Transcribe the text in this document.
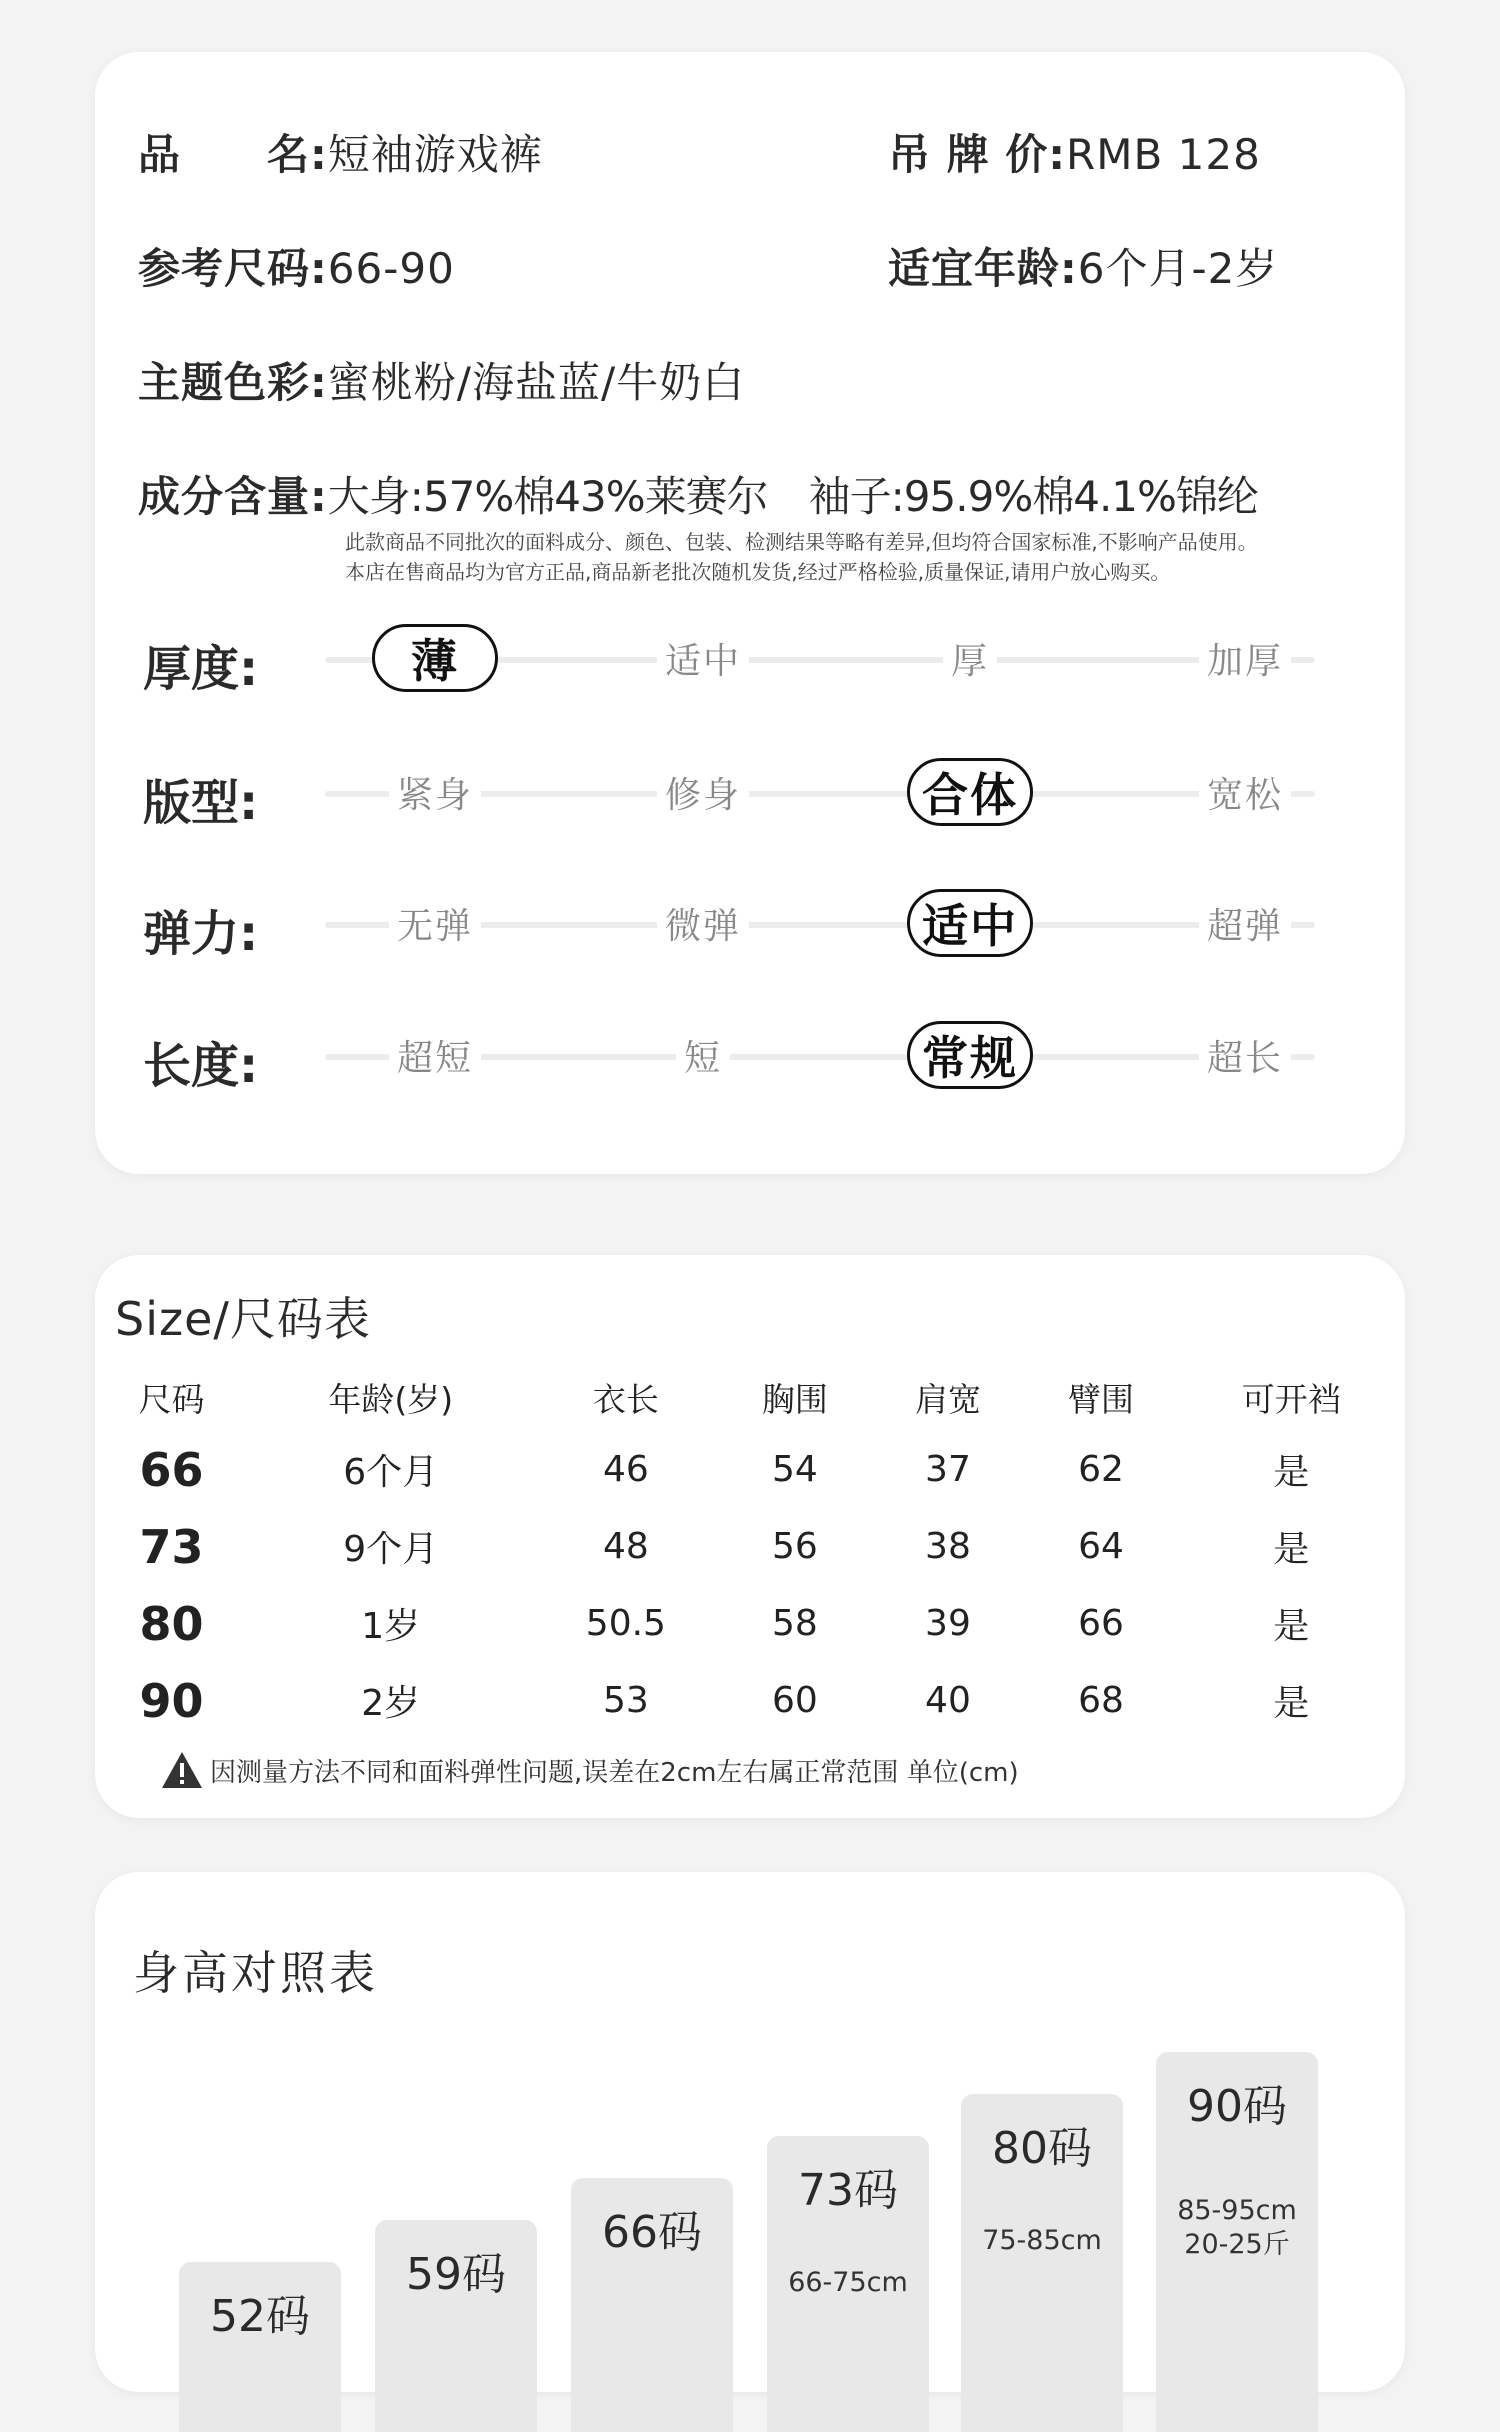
品　　名:短袖游戏裤	吊 牌 价:RMB 128
参考尺码:66-90	适宜年龄:6个月-2岁
主题色彩:蜜桃粉/海盐蓝/牛奶白
成分含量:大身:57%棉43%莱赛尔　袖子:95.9%棉4.1%锦纶
此款商品不同批次的面料成分、颜色、包装、检测结果等略有差异,但均符合国家标准,不影响产品使用。
本店在售商品均为官方正品,商品新老批次随机发货,经过严格检验,质量保证,请用户放心购买。
厚度:	薄	适中	厚	加厚
版型:	紧身	修身	合体	宽松
弹力:	无弹	微弹	适中	超弹
长度:	超短	短	常规	超长
Size/尺码表
尺码	年龄(岁)	衣长	胸围	肩宽	臂围	可开裆
66	6个月	46	54	37	62	是
73	9个月	48	56	38	64	是
80	1岁	50.5	58	39	66	是
90	2岁	53	60	40	68	是
因测量方法不同和面料弹性问题,误差在2cm左右属正常范围 单位(cm)
身高对照表
52码
59码
66码
73码
66-75cm
80码
75-85cm
90码
85-95cm
20-25斤
